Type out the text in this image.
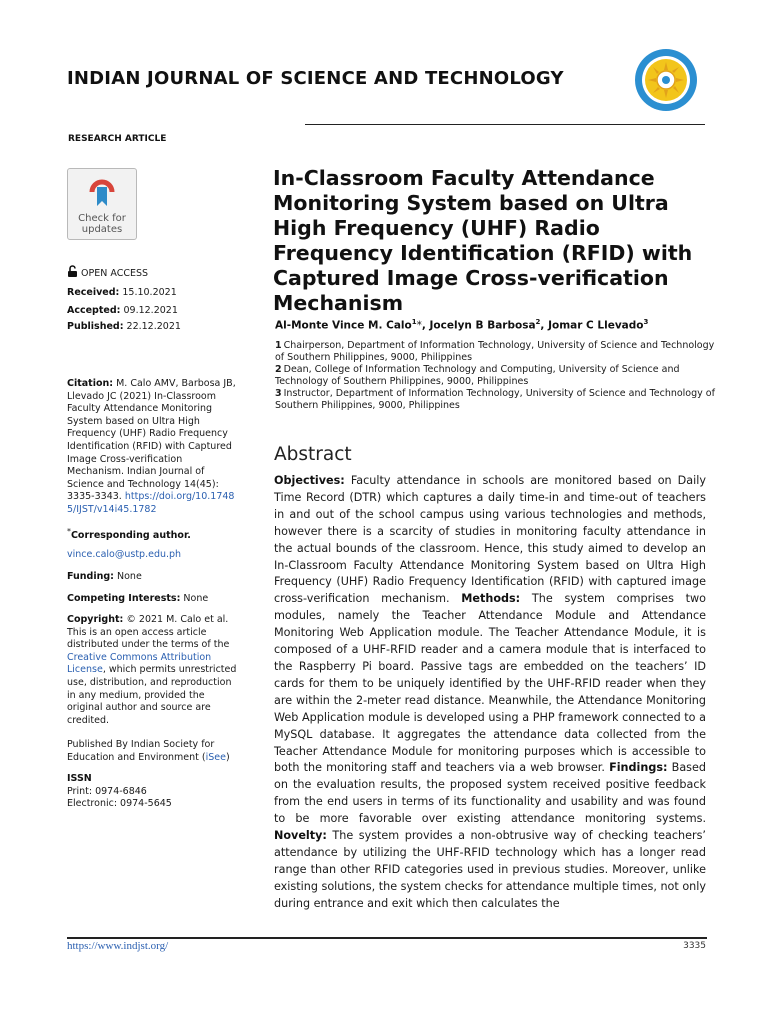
INDIAN JOURNAL OF SCIENCE AND TECHNOLOGY
RESEARCH ARTICLE
Check for
updates
OPEN ACCESS
Received: 15.10.2021
Accepted: 09.12.2021
Published: 22.12.2021
Citation: M. Calo AMV, Barbosa JB, Llevado JC (2021) In-Classroom Faculty Attendance Monitoring System based on Ultra High Frequency (UHF) Radio Frequency Identification (RFID) with Captured Image Cross-verification Mechanism. Indian Journal of Science and Technology 14(45): 3335-3343. https://doi.org/10.17485/IJST/v14i45.1782
*Corresponding author.
vince.calo@ustp.edu.ph
Funding: None
Competing Interests: None
Copyright: © 2021 M. Calo et al. This is an open access article distributed under the terms of the Creative Commons Attribution License, which permits unrestricted use, distribution, and reproduction in any medium, provided the original author and source are credited.
Published By Indian Society for Education and Environment (iSee)
ISSN
Print: 0974-6846
Electronic: 0974-5645
In-Classroom Faculty Attendance Monitoring System based on Ultra High Frequency (UHF) Radio Frequency Identification (RFID) with Captured Image Cross-verification Mechanism
Al-Monte Vince M. Calo$^1$*, Jocelyn B Barbosa$^2$, Jomar C Llevado$^3$

1 Chairperson, Department of Information Technology, University of Science and Technology of Southern Philippines, 9000, Philippines

2 Dean, College of Information Technology and Computing, University of Science and Technology of Southern Philippines, 9000, Philippines

3 Instructor, Department of Information Technology, University of Science and Technology of Southern Philippines, 9000, Philippines

Abstract
Objectives: Faculty attendance in schools are monitored based on Daily Time Record (DTR) which captures a daily time-in and time-out of teachers in and out of the school campus using various technologies and methods, however there is a scarcity of studies in monitoring faculty attendance in the actual bounds of the classroom. Hence, this study aimed to develop an In-Classroom Faculty Attendance Monitoring System based on Ultra High Frequency (UHF) Radio Frequency Identification (RFID) with captured image cross-verification mechanism. Methods: The system comprises two modules, namely the Teacher Attendance Module and Attendance Monitoring Web Application module. The Teacher Attendance Module, it is composed of a UHF-RFID reader and a camera module that is interfaced to the Raspberry Pi board. Passive tags are embedded on the teachers’ ID cards for them to be uniquely identified by the UHF-RFID reader when they are within the 2-meter read distance. Meanwhile, the Attendance Monitoring Web Application module is developed using a PHP framework connected to a MySQL database. It aggregates the attendance data collected from the Teacher Attendance Module for monitoring purposes which is accessible to both the monitoring staff and teachers via a web browser. Findings: Based on the evaluation results, the proposed system received positive feedback from the end users in terms of its functionality and usability and was found to be more favorable over existing attendance monitoring systems. Novelty: The system provides a non-obtrusive way of checking teachers’ attendance by utilizing the UHF-RFID technology which has a longer read range than other RFID categories used in previous studies. Moreover, unlike existing solutions, the system checks for attendance multiple times, not only during entrance and exit which then calculates the
https://www.indjst.org/	3335
